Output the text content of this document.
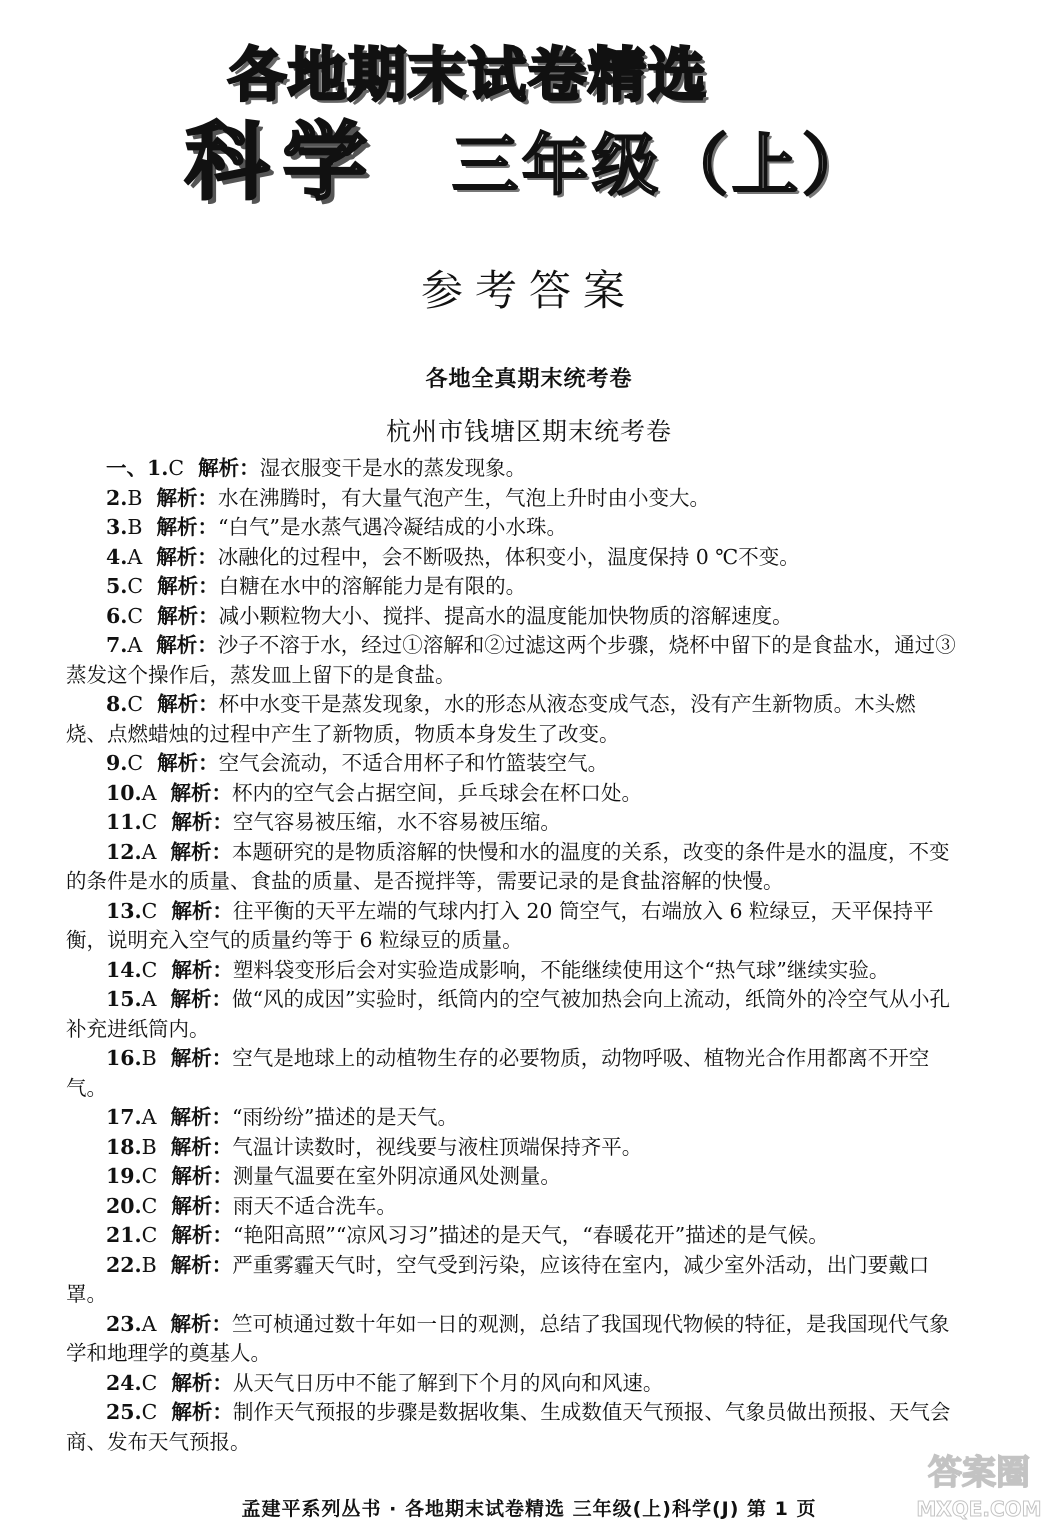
各地期末试卷精选
科学 三年级（上）
参考答案
各地全真期末统考卷
杭州市钱塘区期末统考卷
一、1.C 解析：湿衣服变干是水的蒸发现象。
2.B 解析：水在沸腾时，有大量气泡产生，气泡上升时由小变大。
3.B 解析：“白气”是水蒸气遇冷凝结成的小水珠。
4.A 解析：冰融化的过程中，会不断吸热，体积变小，温度保持 0 ℃不变。
5.C 解析：白糖在水中的溶解能力是有限的。
6.C 解析：减小颗粒物大小、搅拌、提高水的温度能加快物质的溶解速度。
7.A 解析：沙子不溶于水，经过①溶解和②过滤这两个步骤，烧杯中留下的是食盐水，通过③蒸发这个操作后，蒸发皿上留下的是食盐。
8.C 解析：杯中水变干是蒸发现象，水的形态从液态变成气态，没有产生新物质。木头燃烧、点燃蜡烛的过程中产生了新物质，物质本身发生了改变。
9.C 解析：空气会流动，不适合用杯子和竹篮装空气。
10.A 解析：杯内的空气会占据空间，乒乓球会在杯口处。
11.C 解析：空气容易被压缩，水不容易被压缩。
12.A 解析：本题研究的是物质溶解的快慢和水的温度的关系，改变的条件是水的温度，不变的条件是水的质量、食盐的质量、是否搅拌等，需要记录的是食盐溶解的快慢。
13.C 解析：往平衡的天平左端的气球内打入 20 筒空气，右端放入 6 粒绿豆，天平保持平衡，说明充入空气的质量约等于 6 粒绿豆的质量。
14.C 解析：塑料袋变形后会对实验造成影响，不能继续使用这个“热气球”继续实验。
15.A 解析：做“风的成因”实验时，纸筒内的空气被加热会向上流动，纸筒外的冷空气从小孔补充进纸筒内。
16.B 解析：空气是地球上的动植物生存的必要物质，动物呼吸、植物光合作用都离不开空气。
17.A 解析：“雨纷纷”描述的是天气。
18.B 解析：气温计读数时，视线要与液柱顶端保持齐平。
19.C 解析：测量气温要在室外阴凉通风处测量。
20.C 解析：雨天不适合洗车。
21.C 解析：“艳阳高照”“凉风习习”描述的是天气，“春暖花开”描述的是气候。
22.B 解析：严重雾霾天气时，空气受到污染，应该待在室内，减少室外活动，出门要戴口罩。
23.A 解析：竺可桢通过数十年如一日的观测，总结了我国现代物候的特征，是我国现代气象学和地理学的奠基人。
24.C 解析：从天气日历中不能了解到下个月的风向和风速。
25.C 解析：制作天气预报的步骤是数据收集、生成数值天气预报、气象员做出预报、天气会商、发布天气预报。
孟建平系列丛书 · 各地期末试卷精选 三年级(上)科学(J) 第 1 页
答案圈
MXQE.COM
